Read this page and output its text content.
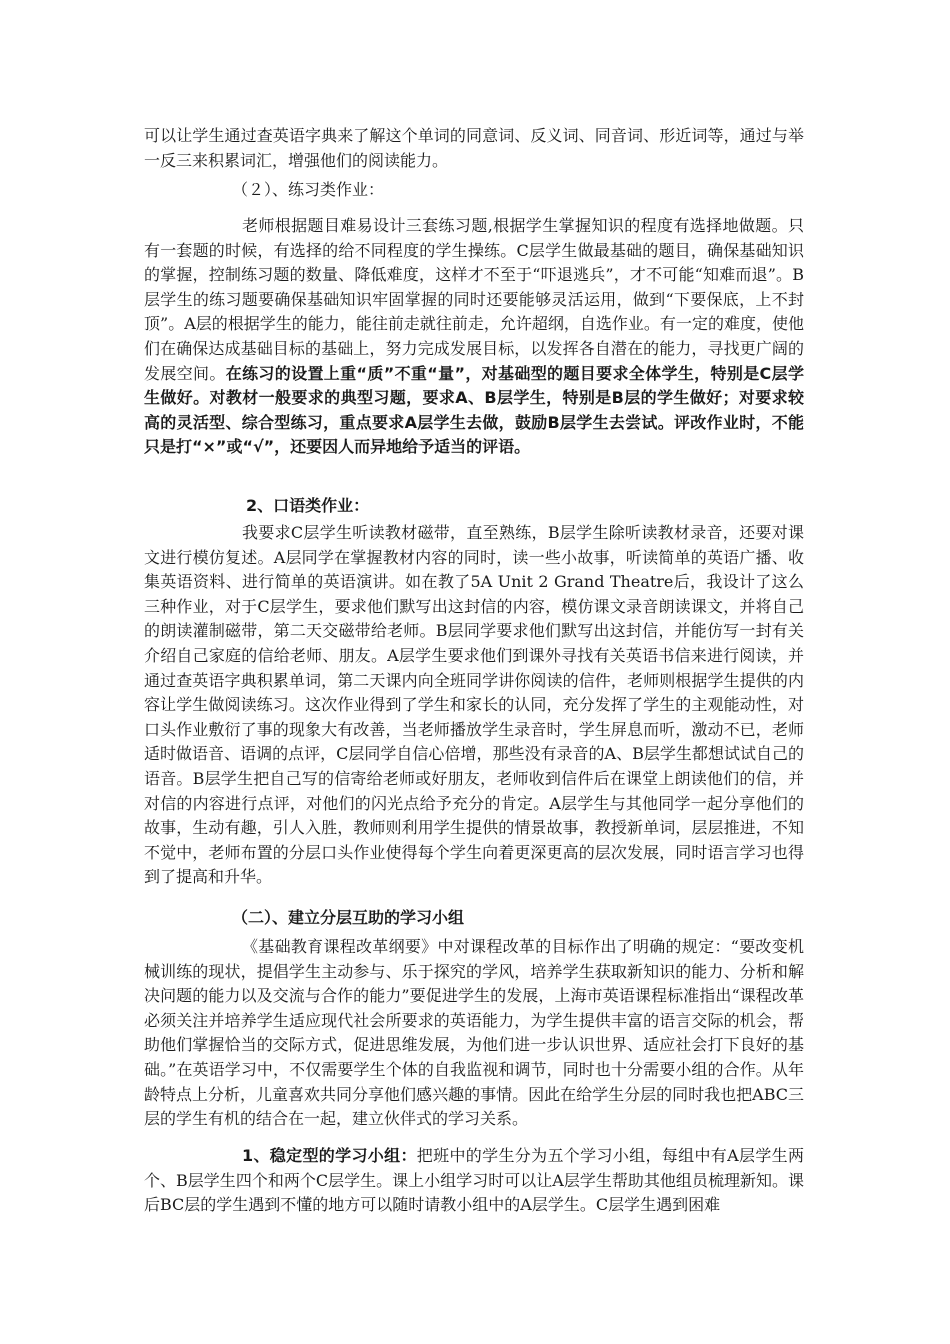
可以让学生通过查英语字典来了解这个单词的同意词、反义词、同音词、形近词等，通过与举一反三来积累词汇，增强他们的阅读能力。
（２）、练习类作业：
老师根据题目难易设计三套练习题,根据学生掌握知识的程度有选择地做题。只有一套题的时候，有选择的给不同程度的学生操练。C层学生做最基础的题目，确保基础知识的掌握，控制练习题的数量、降低难度，这样才不至于“吓退逃兵”，才不可能“知难而退”。B层学生的练习题要确保基础知识牢固掌握的同时还要能够灵活运用，做到“下要保底，上不封顶”。A层的根据学生的能力，能往前走就往前走，允许超纲，自选作业。有一定的难度，使他们在确保达成基础目标的基础上，努力完成发展目标，以发挥各自潜在的能力，寻找更广阔的发展空间。在练习的设置上重“质”不重“量”，对基础型的题目要求全体学生，特别是C层学生做好。对教材一般要求的典型习题，要求A、B层学生，特别是B层的学生做好；对要求较高的灵活型、综合型练习，重点要求A层学生去做，鼓励B层学生去尝试。评改作业时，不能只是打“×”或“√”，还要因人而异地给予适当的评语。
2、口语类作业：
我要求C层学生听读教材磁带，直至熟练，B层学生除听读教材录音，还要对课文进行模仿复述。A层同学在掌握教材内容的同时，读一些小故事，听读简单的英语广播、收集英语资料、进行简单的英语演讲。如在教了5A Unit 2 Grand Theatre后，我设计了这么三种作业，对于C层学生，要求他们默写出这封信的内容，模仿课文录音朗读课文，并将自己的朗读灌制磁带，第二天交磁带给老师。B层同学要求他们默写出这封信，并能仿写一封有关介绍自己家庭的信给老师、朋友。A层学生要求他们到课外寻找有关英语书信来进行阅读，并通过查英语字典积累单词，第二天课内向全班同学讲你阅读的信件，老师则根据学生提供的内容让学生做阅读练习。这次作业得到了学生和家长的认同，充分发挥了学生的主观能动性，对口头作业敷衍了事的现象大有改善，当老师播放学生录音时，学生屏息而听，激动不已，老师适时做语音、语调的点评，C层同学自信心倍增，那些没有录音的A、B层学生都想试试自己的语音。B层学生把自己写的信寄给老师或好朋友，老师收到信件后在课堂上朗读他们的信，并对信的内容进行点评，对他们的闪光点给予充分的肯定。A层学生与其他同学一起分享他们的故事，生动有趣，引人入胜，教师则利用学生提供的情景故事，教授新单词，层层推进，不知不觉中，老师布置的分层口头作业使得每个学生向着更深更高的层次发展，同时语言学习也得到了提高和升华。
（二）、建立分层互助的学习小组
《基础教育课程改革纲要》中对课程改革的目标作出了明确的规定：“要改变机械训练的现状，提倡学生主动参与、乐于探究的学风，培养学生获取新知识的能力、分析和解决问题的能力以及交流与合作的能力”要促进学生的发展，上海市英语课程标准指出“课程改革必须关注并培养学生适应现代社会所要求的英语能力，为学生提供丰富的语言交际的机会，帮助他们掌握恰当的交际方式，促进思维发展，为他们进一步认识世界、适应社会打下良好的基础。”在英语学习中，不仅需要学生个体的自我监视和调节，同时也十分需要小组的合作。从年龄特点上分析，儿童喜欢共同分享他们感兴趣的事情。因此在给学生分层的同时我也把ABC三层的学生有机的结合在一起，建立伙伴式的学习关系。
1、稳定型的学习小组：把班中的学生分为五个学习小组，每组中有A层学生两个、B层学生四个和两个C层学生。课上小组学习时可以让A层学生帮助其他组员梳理新知。课后BC层的学生遇到不懂的地方可以随时请教小组中的A层学生。C层学生遇到困难
